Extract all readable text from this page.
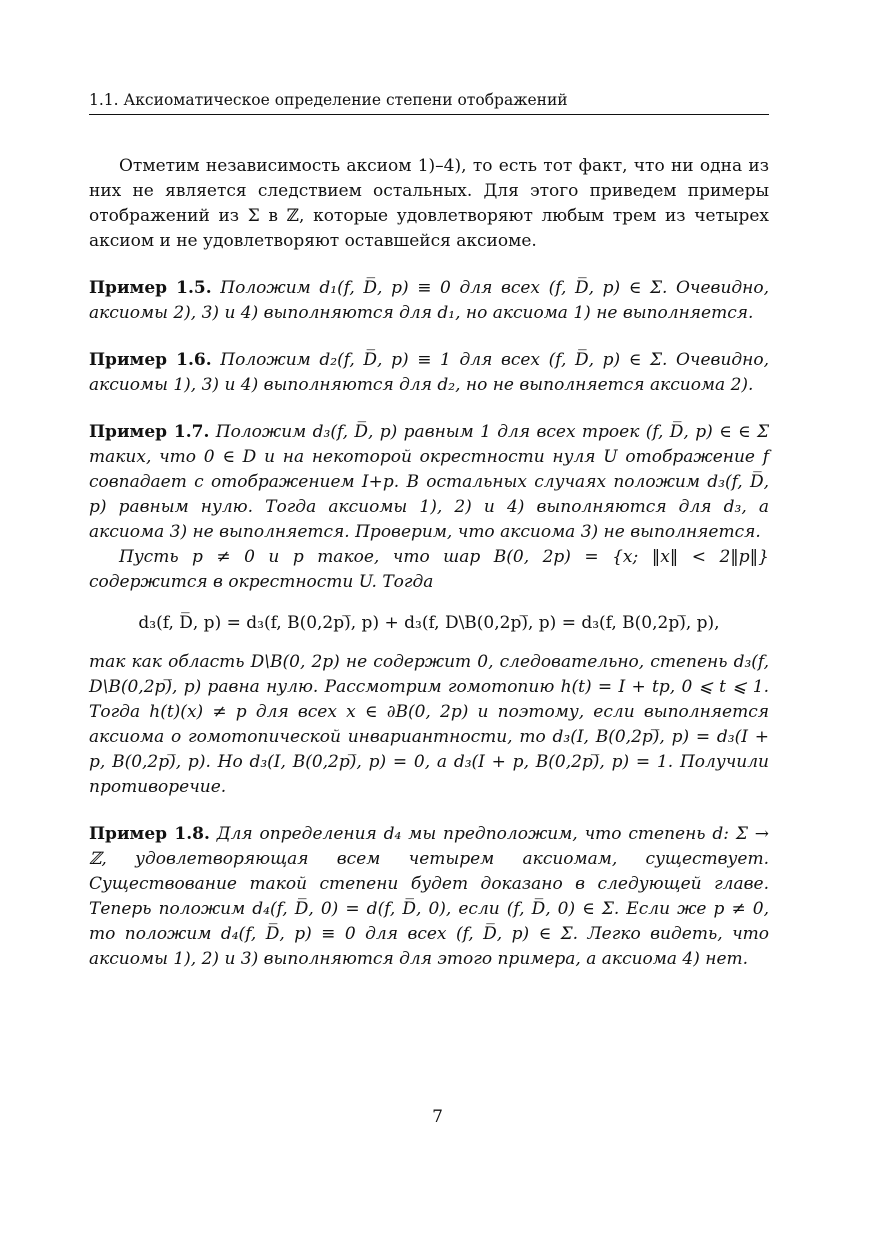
1.1. Аксиоматическое определение степени отображений

Отметим независимость аксиом 1)–4), то есть тот факт, что ни одна из них не является следствием остальных. Для этого приведем примеры отображений из Σ в ℤ, которые удовлетворяют любым трем из четырех аксиом и не удовлетворяют оставшейся аксиоме.

Пример 1.5. Положим d₁(f, D̅, p) ≡ 0 для всех (f, D̅, p) ∈ Σ. Очевидно, аксиомы 2), 3) и 4) выполняются для d₁, но аксиома 1) не выполняется.

Пример 1.6. Положим d₂(f, D̅, p) ≡ 1 для всех (f, D̅, p) ∈ Σ. Очевидно, аксиомы 1), 3) и 4) выполняются для d₂, но не выполняется аксиома 2).

Пример 1.7. Положим d₃(f, D̅, p) равным 1 для всех троек (f, D̅, p) ∈ ∈ Σ таких, что 0 ∈ D и на некоторой окрестности нуля U отображение f совпадает с отображением I+p. В остальных случаях положим d₃(f, D̅, p) равным нулю. Тогда аксиомы 1), 2) и 4) выполняются для d₃, а аксиома 3) не выполняется. Проверим, что аксиома 3) не выполняется.

Пусть p ≠ 0 и p такое, что шар B(0, 2p) = {x; ‖x‖ < 2‖p‖} содержится в окрестности U. Тогда

d₃(f, D̅, p) = d₃(f, B(0,2p)̅, p) + d₃(f, D\B(0,2p)̅, p) = d₃(f, B(0,2p)̅, p),

так как область D\B(0, 2p) не содержит 0, следовательно, степень d₃(f, D\B(0,2p)̅, p) равна нулю. Рассмотрим гомотопию h(t) = I + tp, 0 ⩽ t ⩽ 1. Тогда h(t)(x) ≠ p для всех x ∈ ∂B(0, 2p) и поэтому, если выполняется аксиома о гомотопической инвариантности, то d₃(I, B(0,2p)̅, p) = d₃(I + p, B(0,2p)̅, p). Но d₃(I, B(0,2p)̅, p) = 0, а d₃(I + p, B(0,2p)̅, p) = 1. Получили противоречие.

Пример 1.8. Для определения d₄ мы предположим, что степень d: Σ → ℤ, удовлетворяющая всем четырем аксиомам, существует. Существование такой степени будет доказано в следующей главе. Теперь положим d₄(f, D̅, 0) = d(f, D̅, 0), если (f, D̅, 0) ∈ Σ. Если же p ≠ 0, то положим d₄(f, D̅, p) ≡ 0 для всех (f, D̅, p) ∈ Σ. Легко видеть, что аксиомы 1), 2) и 3) выполняются для этого примера, а аксиома 4) нет.

7
